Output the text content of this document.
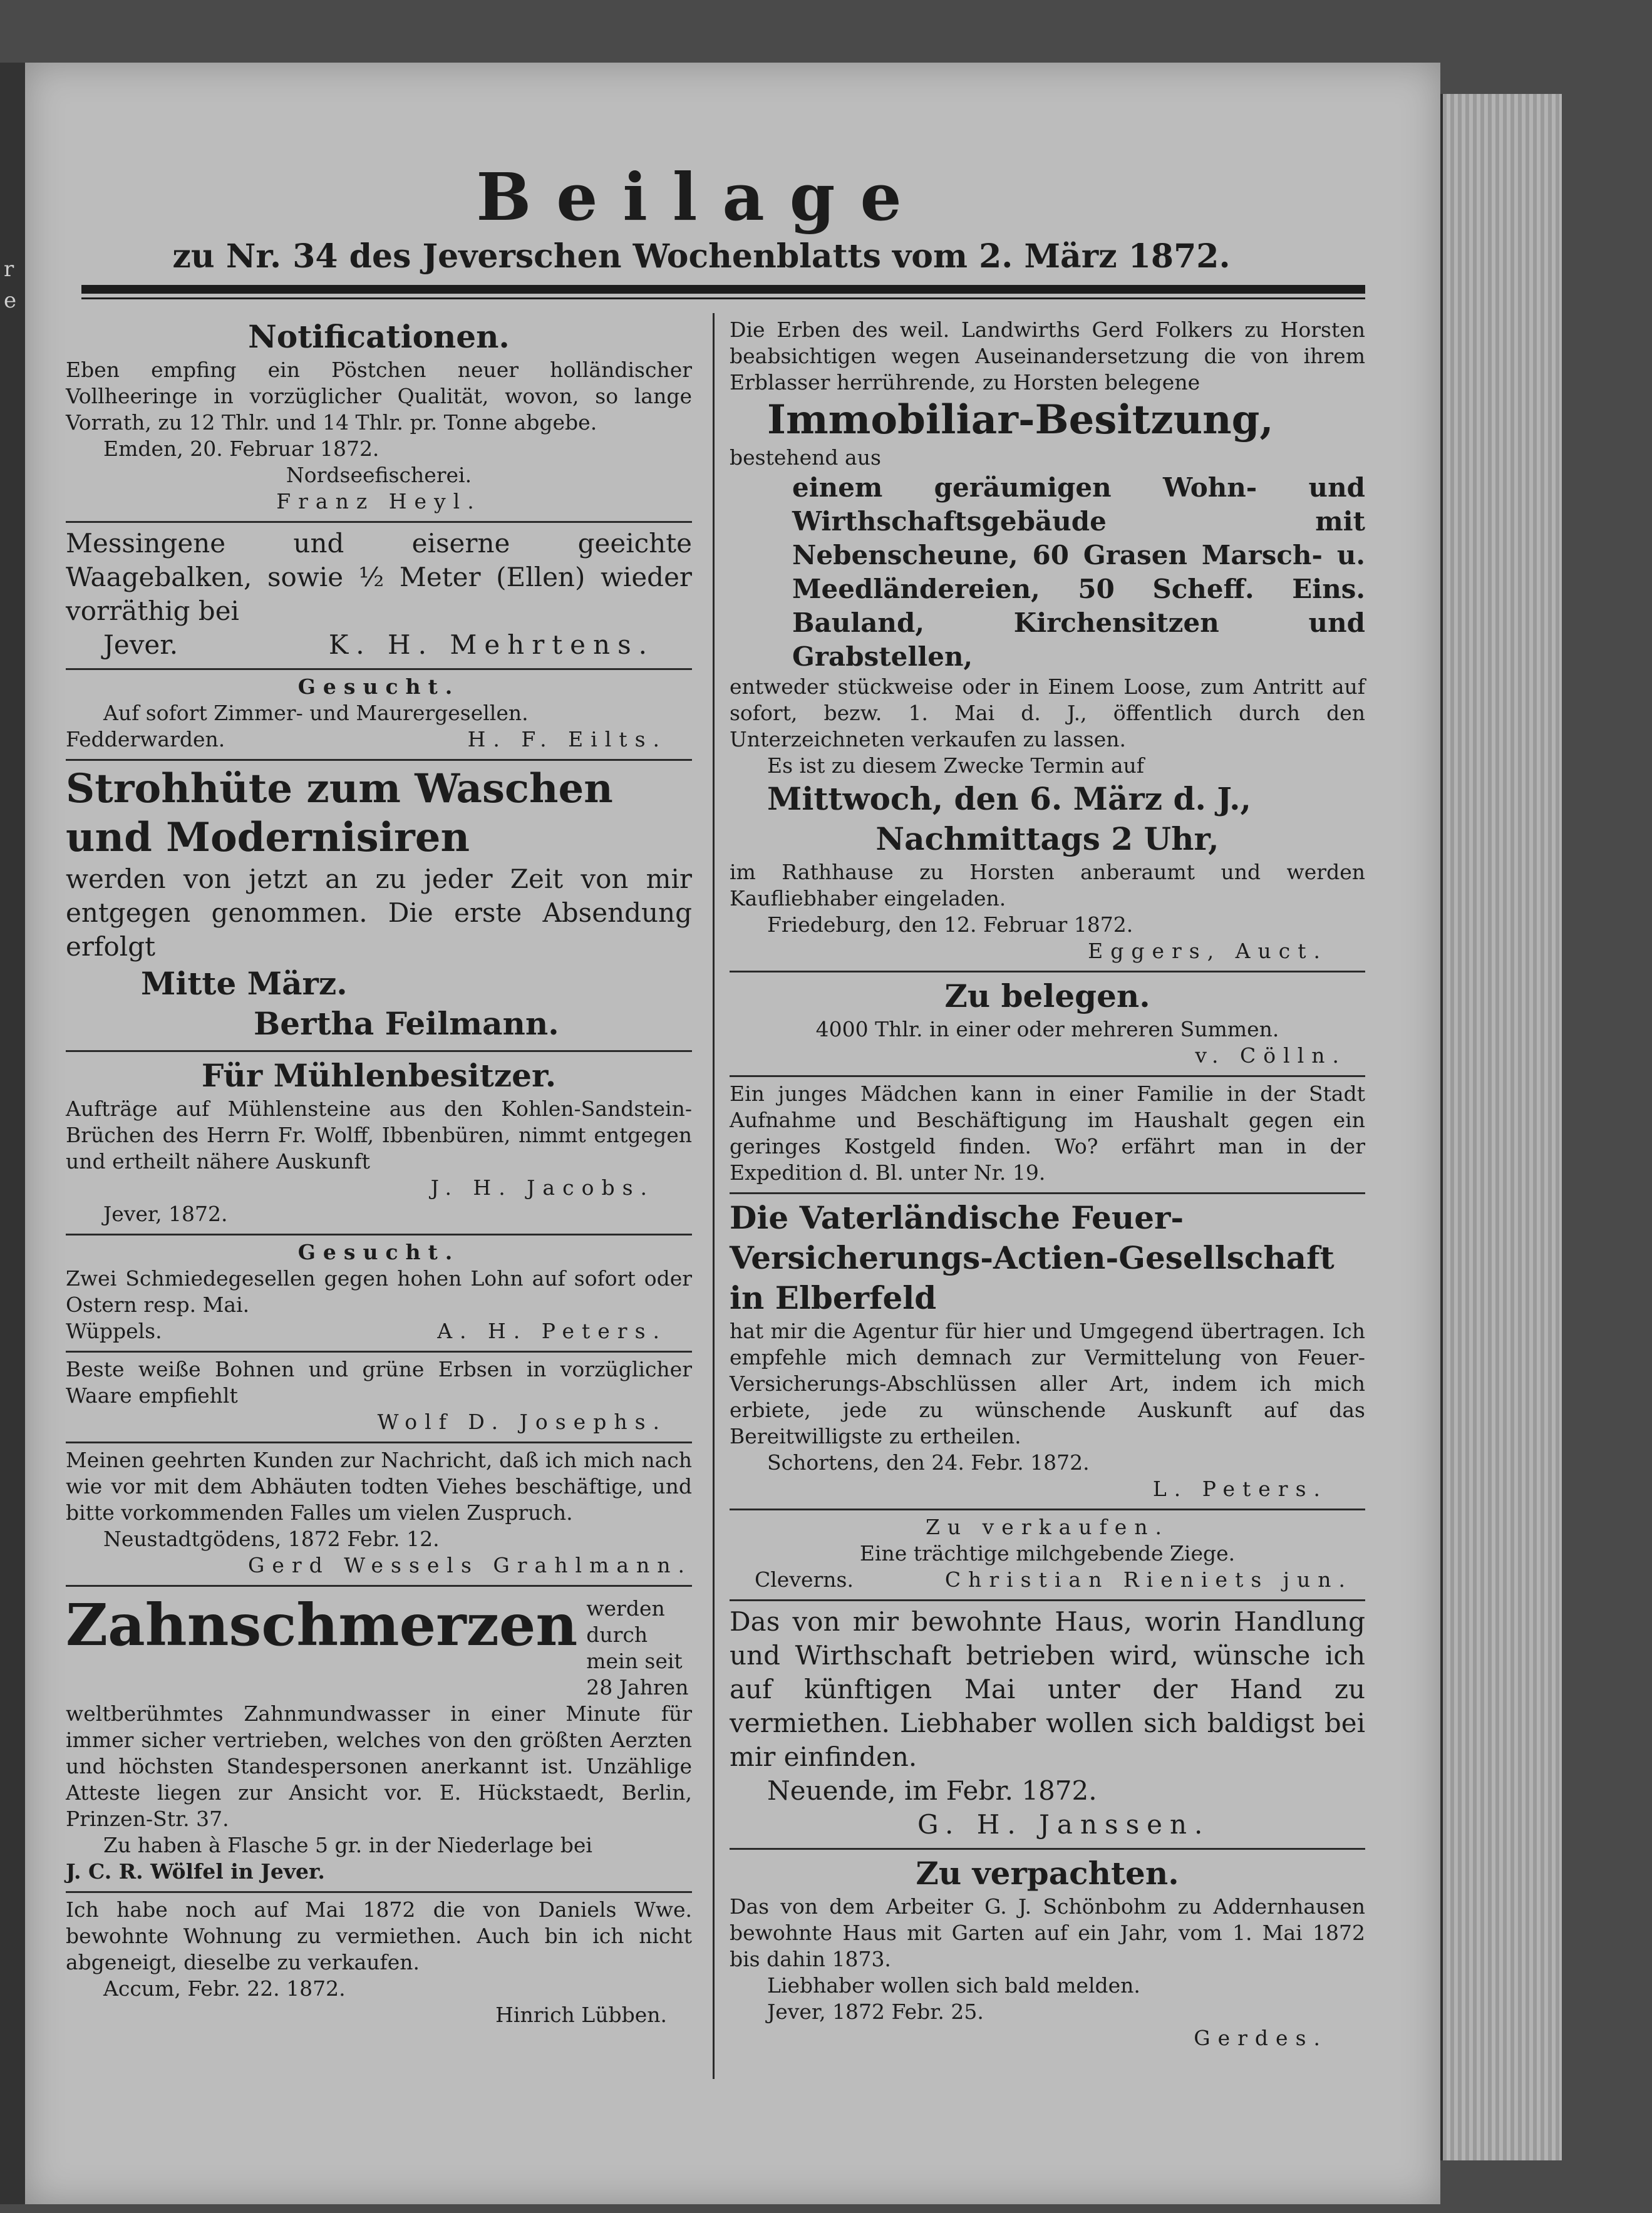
r
e
Beilage
zu Nr. 34 des Jeverschen Wochenblatts vom 2. März 1872.
Notificationen.
Eben empfing ein Pöstchen neuer holländischer Vollheeringe in vorzüglicher Qualität, wovon, so lange Vorrath, zu 12 Thlr. und 14 Thlr. pr. Tonne abgebe.
Emden, 20. Februar 1872.
Nordseefischerei.
Franz Heyl.
Messingene und eiserne geeichte Waagebalken, sowie ½ Meter (Ellen) wieder vorräthig bei
Jever.	K. H. Mehrtens.
Gesucht.
Auf sofort Zimmer- und Maurergesellen.
Fedderwarden.	H. F. Eilts.
Strohhüte zum Waschen und Modernisiren
werden von jetzt an zu jeder Zeit von mir entgegen genommen. Die erste Absendung erfolgt
Mitte März.
Bertha Feilmann.
Für Mühlenbesitzer.
Aufträge auf Mühlensteine aus den Kohlen-Sandstein-Brüchen des Herrn Fr. Wolff, Ibbenbüren, nimmt entgegen und ertheilt nähere Auskunft
J. H. Jacobs.
Jever, 1872.
Gesucht.
Zwei Schmiedegesellen gegen hohen Lohn auf sofort oder Ostern resp. Mai.
Wüppels.	A. H. Peters.
Beste weiße Bohnen und grüne Erbsen in vorzüglicher Waare empfiehlt
Wolf D. Josephs.
Meinen geehrten Kunden zur Nachricht, daß ich mich nach wie vor mit dem Abhäuten todten Viehes beschäftige, und bitte vorkommenden Falles um vielen Zuspruch.
Neustadtgödens, 1872 Febr. 12.
Gerd Wessels Grahlmann.
Zahnschmerzen werden durch mein seit 28 Jahren
weltberühmtes Zahnmundwasser in einer Minute für immer sicher vertrieben, welches von den größten Aerzten und höchsten Standespersonen anerkannt ist. Unzählige Atteste liegen zur Ansicht vor. E. Hückstaedt, Berlin, Prinzen-Str. 37.
Zu haben à Flasche 5 gr. in der Niederlage bei
J. C. R. Wölfel in Jever.
Ich habe noch auf Mai 1872 die von Daniels Wwe. bewohnte Wohnung zu vermiethen. Auch bin ich nicht abgeneigt, dieselbe zu verkaufen.
Accum, Febr. 22. 1872.
Hinrich Lübben.
Die Erben des weil. Landwirths Gerd Folkers zu Horsten beabsichtigen wegen Auseinandersetzung die von ihrem Erblasser herrührende, zu Horsten belegene
Immobiliar-Besitzung,
bestehend aus
einem geräumigen Wohn- und Wirthschaftsgebäude mit Nebenscheune, 60 Grasen Marsch- u. Meedländereien, 50 Scheff. Eins. Bauland, Kirchensitzen und Grabstellen,
entweder stückweise oder in Einem Loose, zum Antritt auf sofort, bezw. 1. Mai d. J., öffentlich durch den Unterzeichneten verkaufen zu lassen.
Es ist zu diesem Zwecke Termin auf
Mittwoch, den 6. März d. J.,
Nachmittags 2 Uhr,
im Rathhause zu Horsten anberaumt und werden Kaufliebhaber eingeladen.
Friedeburg, den 12. Februar 1872.
Eggers, Auct.
Zu belegen.
4000 Thlr. in einer oder mehreren Summen.
v. Cölln.
Ein junges Mädchen kann in einer Familie in der Stadt Aufnahme und Beschäftigung im Haushalt gegen ein geringes Kostgeld finden. Wo? erfährt man in der Expedition d. Bl. unter Nr. 19.
Die Vaterländische Feuer-Versicherungs-Actien-Gesellschaft in Elberfeld
hat mir die Agentur für hier und Umgegend übertragen. Ich empfehle mich demnach zur Vermittelung von Feuer-Versicherungs-Abschlüssen aller Art, indem ich mich erbiete, jede zu wünschende Auskunft auf das Bereitwilligste zu ertheilen.
Schortens, den 24. Febr. 1872.
L. Peters.
Zu verkaufen.
Eine trächtige milchgebende Ziege.
Cleverns.	Christian Rieniets jun.
Das von mir bewohnte Haus, worin Handlung und Wirthschaft betrieben wird, wünsche ich auf künftigen Mai unter der Hand zu vermiethen. Liebhaber wollen sich baldigst bei mir einfinden.
Neuende, im Febr. 1872.
G. H. Janssen.
Zu verpachten.
Das von dem Arbeiter G. J. Schönbohm zu Addernhausen bewohnte Haus mit Garten auf ein Jahr, vom 1. Mai 1872 bis dahin 1873.
Liebhaber wollen sich bald melden.
Jever, 1872 Febr. 25.
Gerdes.
